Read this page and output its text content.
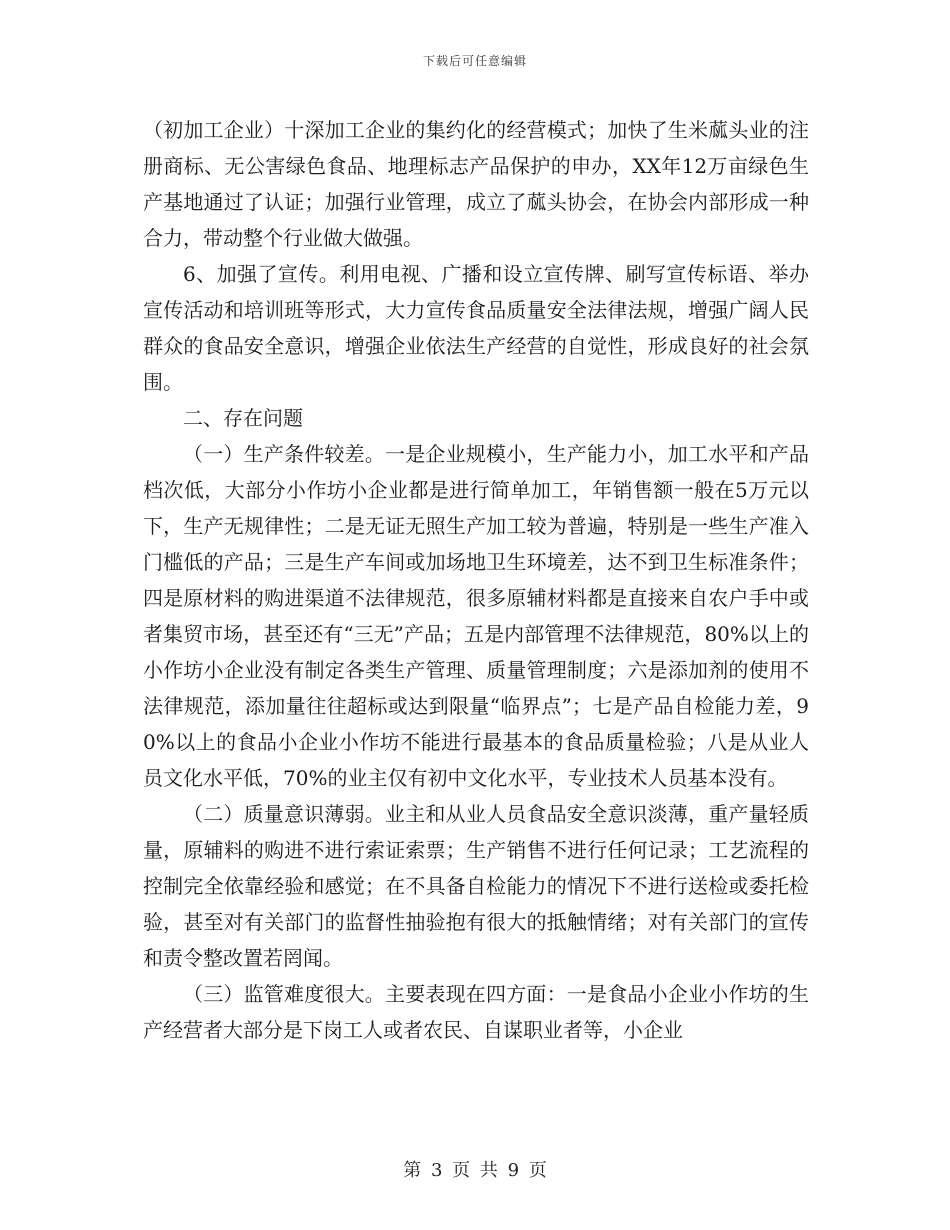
下载后可任意编辑

（初加工企业）十深加工企业的集约化的经营模式；加快了生米蓏头业的注册商标、无公害绿色食品、地理标志产品保护的申办，XX年12万亩绿色生产基地通过了认证；加强行业管理，成立了蓏头协会，在协会内部形成一种合力，带动整个行业做大做强。

6、加强了宣传。利用电视、广播和设立宣传牌、刷写宣传标语、举办宣传活动和培训班等形式，大力宣传食品质量安全法律法规，增强广阔人民群众的食品安全意识，增强企业依法生产经营的自觉性，形成良好的社会氛围。

二、存在问题

（一）生产条件较差。一是企业规模小，生产能力小，加工水平和产品档次低，大部分小作坊小企业都是进行简单加工，年销售额一般在5万元以下，生产无规律性；二是无证无照生产加工较为普遍，特别是一些生产准入门槛低的产品；三是生产车间或加场地卫生环境差，达不到卫生标准条件；四是原材料的购进渠道不法律规范，很多原辅材料都是直接来自农户手中或者集贸市场，甚至还有“三无”产品；五是内部管理不法律规范，80%以上的小作坊小企业没有制定各类生产管理、质量管理制度；六是添加剂的使用不法律规范，添加量往往超标或达到限量“临界点”；七是产品自检能力差，90%以上的食品小企业小作坊不能进行最基本的食品质量检验；八是从业人员文化水平低，70%的业主仅有初中文化水平，专业技术人员基本没有。

（二）质量意识薄弱。业主和从业人员食品安全意识淡薄，重产量轻质量，原辅料的购进不进行索证索票；生产销售不进行任何记录；工艺流程的控制完全依靠经验和感觉；在不具备自检能力的情况下不进行送检或委托检验，甚至对有关部门的监督性抽验抱有很大的抵触情绪；对有关部门的宣传和责令整改置若罔闻。

（三）监管难度很大。主要表现在四方面：一是食品小企业小作坊的生产经营者大部分是下岗工人或者农民、自谋职业者等，小企业

第 3 页 共 9 页
